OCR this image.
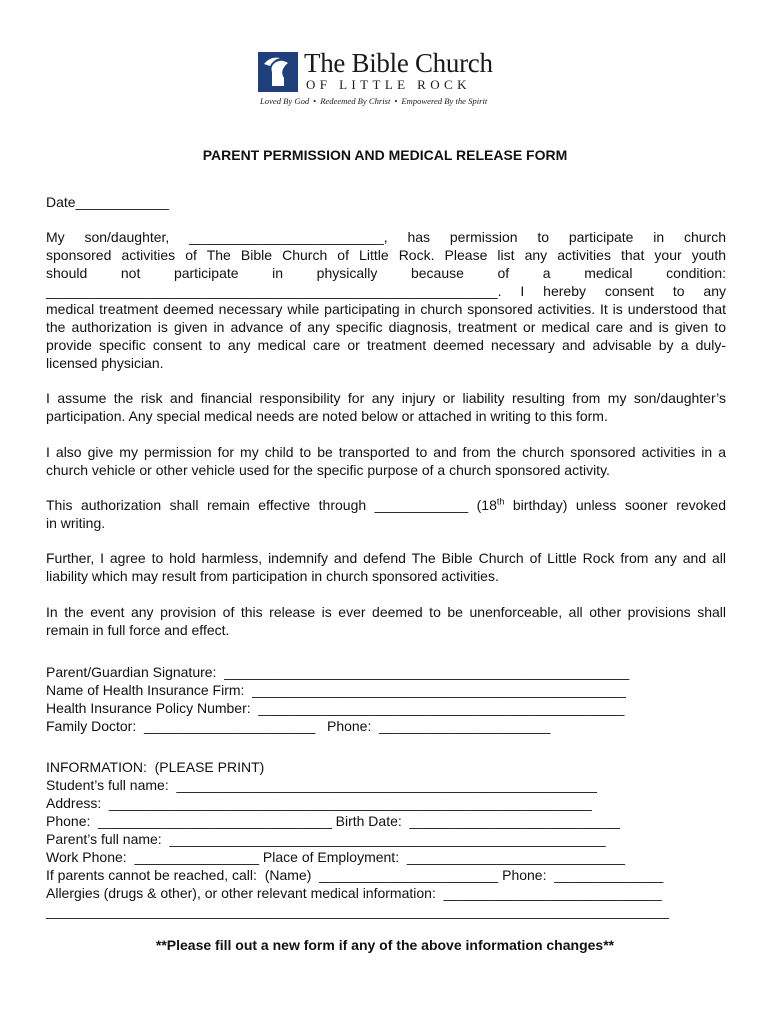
The Bible Church
OF LITTLE ROCK
Loved By God • Redeemed By Christ • Empowered By the Spirit
PARENT PERMISSION AND MEDICAL RELEASE FORM
Date____________
My son/daughter, _________________________, has permission to participate in church
sponsored activities of The Bible Church of Little Rock. Please list any activities that your youth
should not participate in physically because of a medical condition:
__________________________________________________________. I hereby consent to any
medical treatment deemed necessary while participating in church sponsored activities. It is understood that the authorization is given in advance of any specific diagnosis, treatment or medical care and is given to provide specific consent to any medical care or treatment deemed necessary and advisable by a duly-licensed physician.
I assume the risk and financial responsibility for any injury or liability resulting from my son/daughter’s participation. Any special medical needs are noted below or attached in writing to this form.
I also give my permission for my child to be transported to and from the church sponsored activities in a church vehicle or other vehicle used for the specific purpose of a church sponsored activity.
This authorization shall remain effective through ____________ (18th birthday) unless sooner revoked
in writing.
Further, I agree to hold harmless, indemnify and defend The Bible Church of Little Rock from any and all liability which may result from participation in church sponsored activities.
In the event any provision of this release is ever deemed to be unenforceable, all other provisions shall remain in full force and effect.
Parent/Guardian Signature:  ____________________________________________________
Name of Health Insurance Firm:  ________________________________________________
Health Insurance Policy Number:  _______________________________________________
Family Doctor:  ______________________   Phone:  ______________________
INFORMATION:  (PLEASE PRINT)
Student’s full name:  ______________________________________________________
Address:  ______________________________________________________________
Phone:  ______________________________ Birth Date:  ___________________________
Parent’s full name:  ________________________________________________________
Work Phone:  ________________ Place of Employment:  ____________________________
If parents cannot be reached, call:  (Name)  _______________________ Phone:  ______________
Allergies (drugs & other), or other relevant medical information:  ____________________________
________________________________________________________________________________
**Please fill out a new form if any of the above information changes**
